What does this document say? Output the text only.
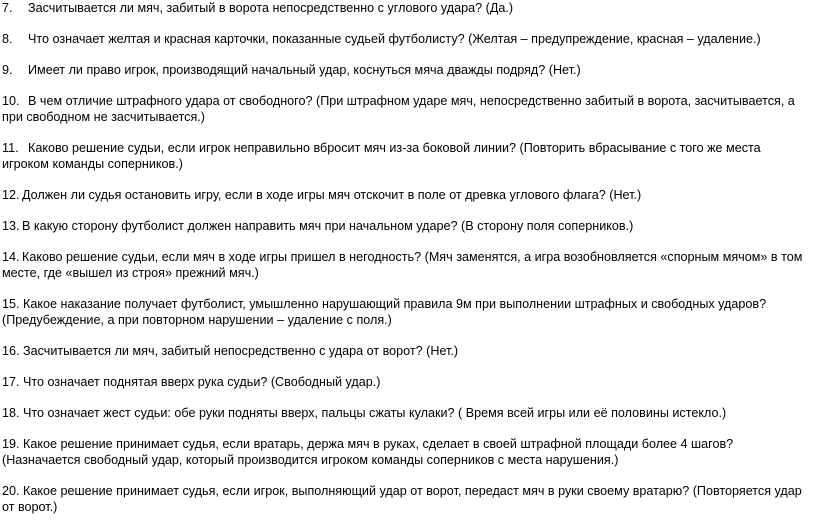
7. Засчитывается ли мяч, забитый в ворота непосредственно с углового удара? (Да.)

8. Что означает желтая и красная карточки, показанные судьей футболисту? (Желтая – предупреждение, красная – удаление.)

9. Имеет ли право игрок, производящий начальный удар, коснуться мяча дважды подряд? (Нет.)

10. В чем отличие штрафного удара от свободного? (При штрафном ударе мяч, непосредственно забитый в ворота, засчитывается, а при свободном не засчитывается.)

11. Каково решение судьи, если игрок неправильно вбросит мяч из-за боковой линии? (Повторить вбрасывание с того же места игроком команды соперников.)

12. Должен ли судья остановить игру, если в ходе игры мяч отскочит в поле от древка углового флага? (Нет.)

13. В какую сторону футболист должен направить мяч при начальном ударе? (В сторону поля соперников.)

14. Каково решение судьи, если мяч в ходе игры пришел в негодность? (Мяч заменятся, а игра возобновляется «спорным мячом» в том месте, где «вышел из строя» прежний мяч.)

15. Какое наказание получает футболист, умышленно нарушающий правила 9м при выполнении штрафных и свободных ударов? (Предубеждение, а при повторном нарушении – удаление с поля.)

16. Засчитывается ли мяч, забитый непосредственно с удара от ворот? (Нет.)

17. Что означает поднятая вверх рука судьи? (Свободный удар.)

18. Что означает жест судьи: обе руки подняты вверх, пальцы сжаты кулаки? ( Время всей игры или её половины истекло.)

19. Какое решение принимает судья, если вратарь, держа мяч в руках, сделает в своей штрафной площади более 4 шагов? (Назначается свободный удар, который производится игроком команды соперников с места нарушения.)

20. Какое решение принимает судья, если игрок, выполняющий удар от ворот, передаст мяч в руки своему вратарю? (Повторяется удар от ворот.)
